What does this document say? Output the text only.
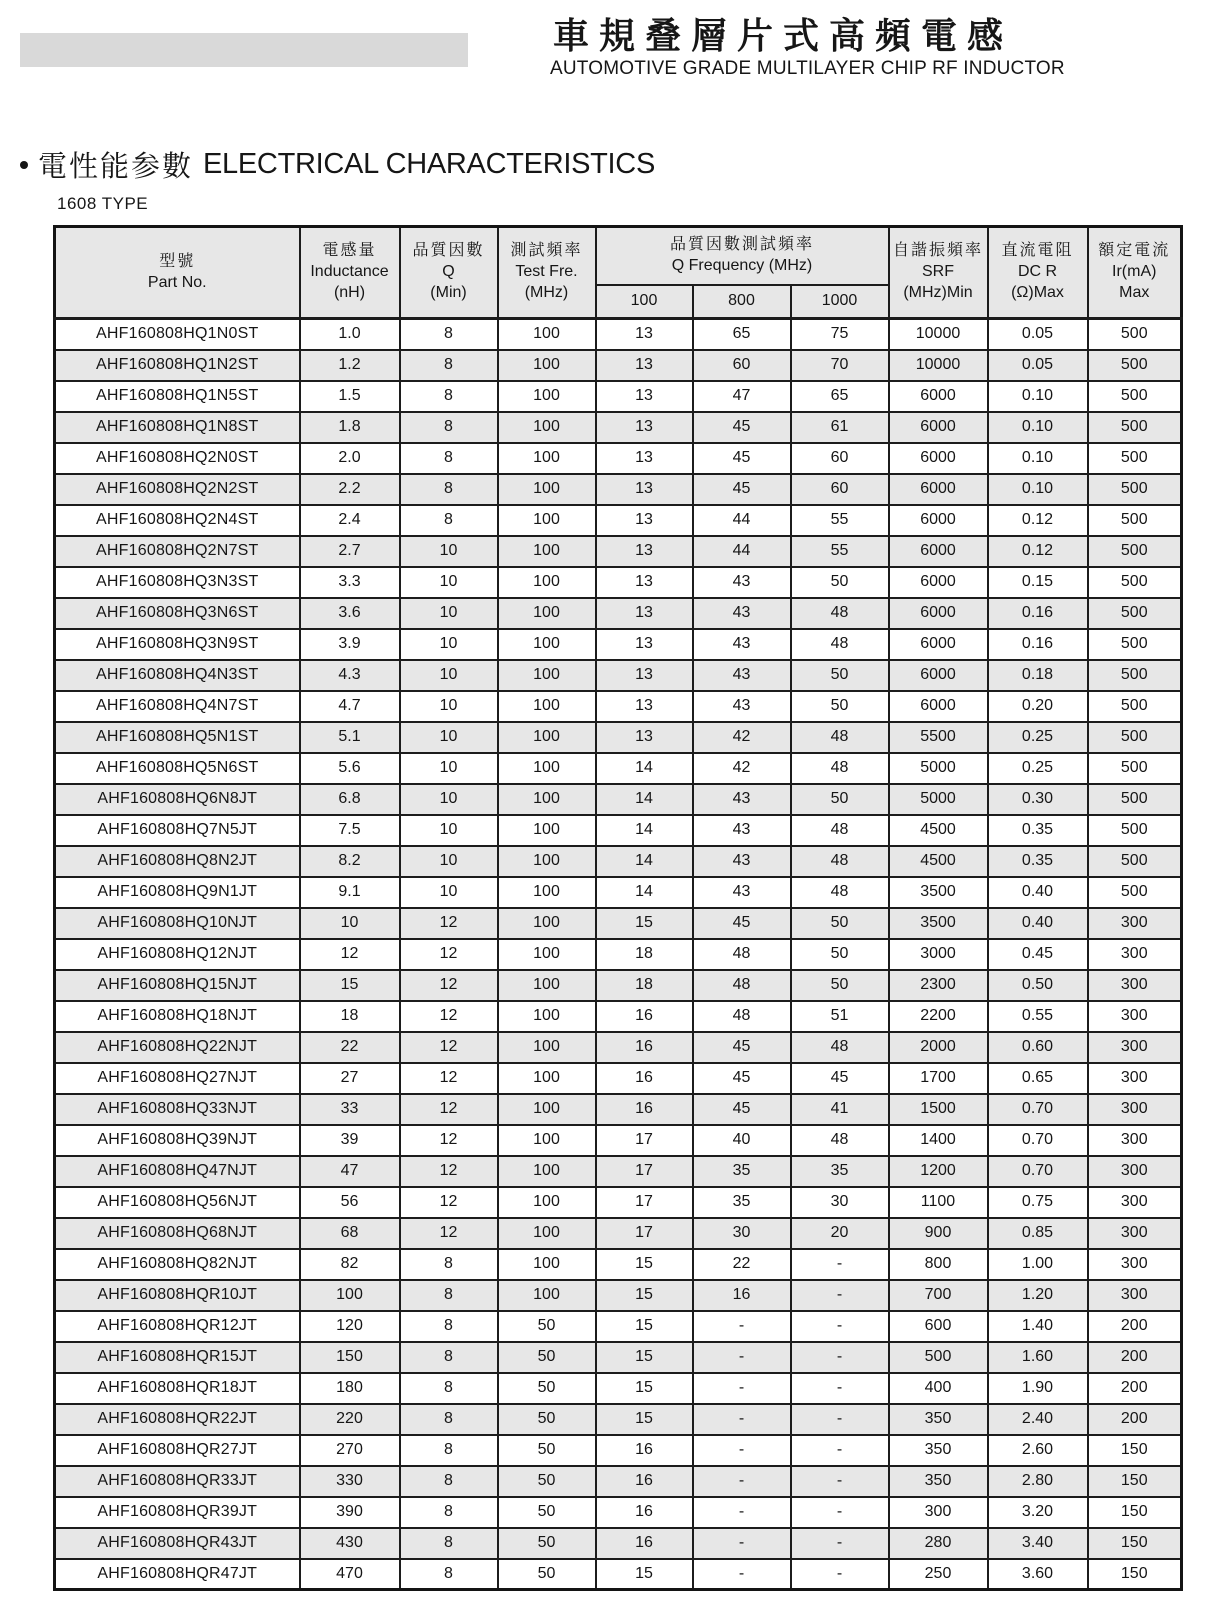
車規叠層片式高頻電感
AUTOMOTIVE GRADE MULTILAYER CHIP RF INDUCTOR
電性能参數 ELECTRICAL CHARACTERISTICS
1608 TYPE
型號
Part No.

電感量
Inductance
(nH)

品質因數
Q
(Min)

測試頻率
Test Fre.
(MHz)

品質因數測試頻率
Q Frequency (MHz)

自諧振頻率
SRF
(MHz)Min

直流電阻
DC R
(Ω)Max

額定電流
Ir(mA)
Max

				100	800	1000			
AHF160808HQ1N0ST	1.0	8	100	13	65	75	10000	0.05	500
AHF160808HQ1N2ST	1.2	8	100	13	60	70	10000	0.05	500
AHF160808HQ1N5ST	1.5	8	100	13	47	65	6000	0.10	500
AHF160808HQ1N8ST	1.8	8	100	13	45	61	6000	0.10	500
AHF160808HQ2N0ST	2.0	8	100	13	45	60	6000	0.10	500
AHF160808HQ2N2ST	2.2	8	100	13	45	60	6000	0.10	500
AHF160808HQ2N4ST	2.4	8	100	13	44	55	6000	0.12	500
AHF160808HQ2N7ST	2.7	10	100	13	44	55	6000	0.12	500
AHF160808HQ3N3ST	3.3	10	100	13	43	50	6000	0.15	500
AHF160808HQ3N6ST	3.6	10	100	13	43	48	6000	0.16	500
AHF160808HQ3N9ST	3.9	10	100	13	43	48	6000	0.16	500
AHF160808HQ4N3ST	4.3	10	100	13	43	50	6000	0.18	500
AHF160808HQ4N7ST	4.7	10	100	13	43	50	6000	0.20	500
AHF160808HQ5N1ST	5.1	10	100	13	42	48	5500	0.25	500
AHF160808HQ5N6ST	5.6	10	100	14	42	48	5000	0.25	500
AHF160808HQ6N8JT	6.8	10	100	14	43	50	5000	0.30	500
AHF160808HQ7N5JT	7.5	10	100	14	43	48	4500	0.35	500
AHF160808HQ8N2JT	8.2	10	100	14	43	48	4500	0.35	500
AHF160808HQ9N1JT	9.1	10	100	14	43	48	3500	0.40	500
AHF160808HQ10NJT	10	12	100	15	45	50	3500	0.40	300
AHF160808HQ12NJT	12	12	100	18	48	50	3000	0.45	300
AHF160808HQ15NJT	15	12	100	18	48	50	2300	0.50	300
AHF160808HQ18NJT	18	12	100	16	48	51	2200	0.55	300
AHF160808HQ22NJT	22	12	100	16	45	48	2000	0.60	300
AHF160808HQ27NJT	27	12	100	16	45	45	1700	0.65	300
AHF160808HQ33NJT	33	12	100	16	45	41	1500	0.70	300
AHF160808HQ39NJT	39	12	100	17	40	48	1400	0.70	300
AHF160808HQ47NJT	47	12	100	17	35	35	1200	0.70	300
AHF160808HQ56NJT	56	12	100	17	35	30	1100	0.75	300
AHF160808HQ68NJT	68	12	100	17	30	20	900	0.85	300
AHF160808HQ82NJT	82	8	100	15	22	-	800	1.00	300
AHF160808HQR10JT	100	8	100	15	16	-	700	1.20	300
AHF160808HQR12JT	120	8	50	15	-	-	600	1.40	200
AHF160808HQR15JT	150	8	50	15	-	-	500	1.60	200
AHF160808HQR18JT	180	8	50	15	-	-	400	1.90	200
AHF160808HQR22JT	220	8	50	15	-	-	350	2.40	200
AHF160808HQR27JT	270	8	50	16	-	-	350	2.60	150
AHF160808HQR33JT	330	8	50	16	-	-	350	2.80	150
AHF160808HQR39JT	390	8	50	16	-	-	300	3.20	150
AHF160808HQR43JT	430	8	50	16	-	-	280	3.40	150
AHF160808HQR47JT	470	8	50	15	-	-	250	3.60	150
